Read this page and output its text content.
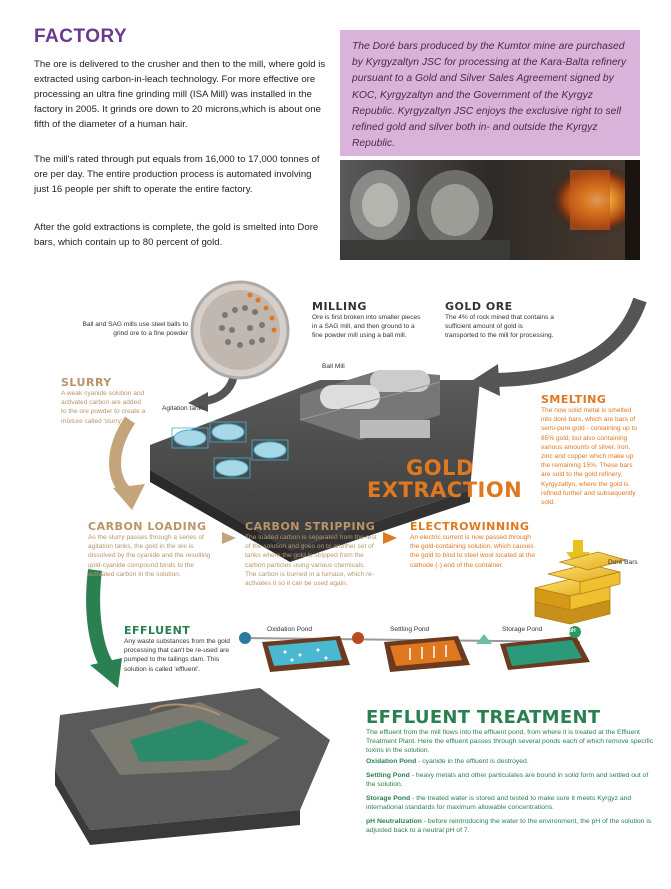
FACTORY
The ore is delivered to the crusher and then to the mill, where gold is extracted using carbon-in-leach technology. For more effective ore processing an ultra fine grinding mill (ISA Mill) was installed in the factory in 2005. It grinds ore down to 20 microns,which is about one fifth of the diameter of a human hair.
The mill's rated through put equals from 16,000 to 17,000 tonnes of ore per day. The entire production process is automated involving just 16 people per shift to operate the entire factory.
After the gold extractions is complete, the gold is smelted into Dore bars, which contain up to 80 percent of gold.
The Doré bars produced by the Kumtor mine are purchased by Kyrgyzaltyn JSC for processing at the Kara-Balta refinery pursuant to a Gold and Silver Sales Agreement signed by KOC, Kyrgyzaltyn and the Government of the Kyrgyz Republic. Kyrgyzaltyn JSC enjoys the exclusive right to sell refined gold and silver both in- and outside the Kyrgyz Republic.
Ball and SAG mills use steel balls to grind ore to a fine powder
MILLING
Ore is first broken into smaller pieces in a SAG mill, and then ground to a fine powder mill using a ball mill.
GOLD ORE
The 4% of rock mined that contains a sufficient amount of gold is transported to the mill for processing.
Ball Mill
Agitation tanks
SLURRY
A weak cyanide solution and activated carbon are added to the ore powder to create a mixture called 'slurry'.
SMELTING
The now solid metal is smelted into doré bars, which are bars of semi-pure gold - containing up to 85% gold, but also containing various amounts of silver, iron, zinc and copper which make up the remaining 15%. These bars are sold to the gold refinery, Kyrgyzaltyn, where the gold is refined further and subsequently sold.
GOLD
EXTRACTION
CARBON LOADING
As the slurry passes through a series of agitation tanks, the gold in the ore is dissolved by the cyanide and the resulting gold-cyanide compound binds to the activated carbon in the solution.
CARBON STRIPPING
The loaded carbon is separated from the rest of the solution and goes on to another set of tanks where the gold is stripped from the carbon particles using various chemicals. The carbon is burned in a furnace, which re-activates it so it can be used again.
ELECTROWINNING
An electric current is now passed through the gold-containing solution, which causes the gold to bind to steel wool located at the cathode (-) end of the container.	Doré Bars
EFFLUENT
Any waste substances from the gold processing that can't be re-used are pumped to the tailings dam. This solution is called 'effluent'.
Oxidation Pond	Settling Pond	Storage Pond	pH
EFFLUENT TREATMENT
The effluent from the mill flows into the effluent pond, from where it is treated at the Effluent Treatment Plant. Here the effluent passes through several ponds each of which remove specific toxins in the solution.
Oxidation Pond - cyanide in the effluent is destroyed.
Settling Pond - heavy metals and other particulates are bound in solid form and settled out of the solution.
Storage Pond - the treated water is stored and tested to make sure it meets Kyrgyz and international standards for maximum allowable concentrations.
pH Neutralization - before reintroducing the water to the environment, the pH of the solution is adjusted back to a neutral pH of 7.
